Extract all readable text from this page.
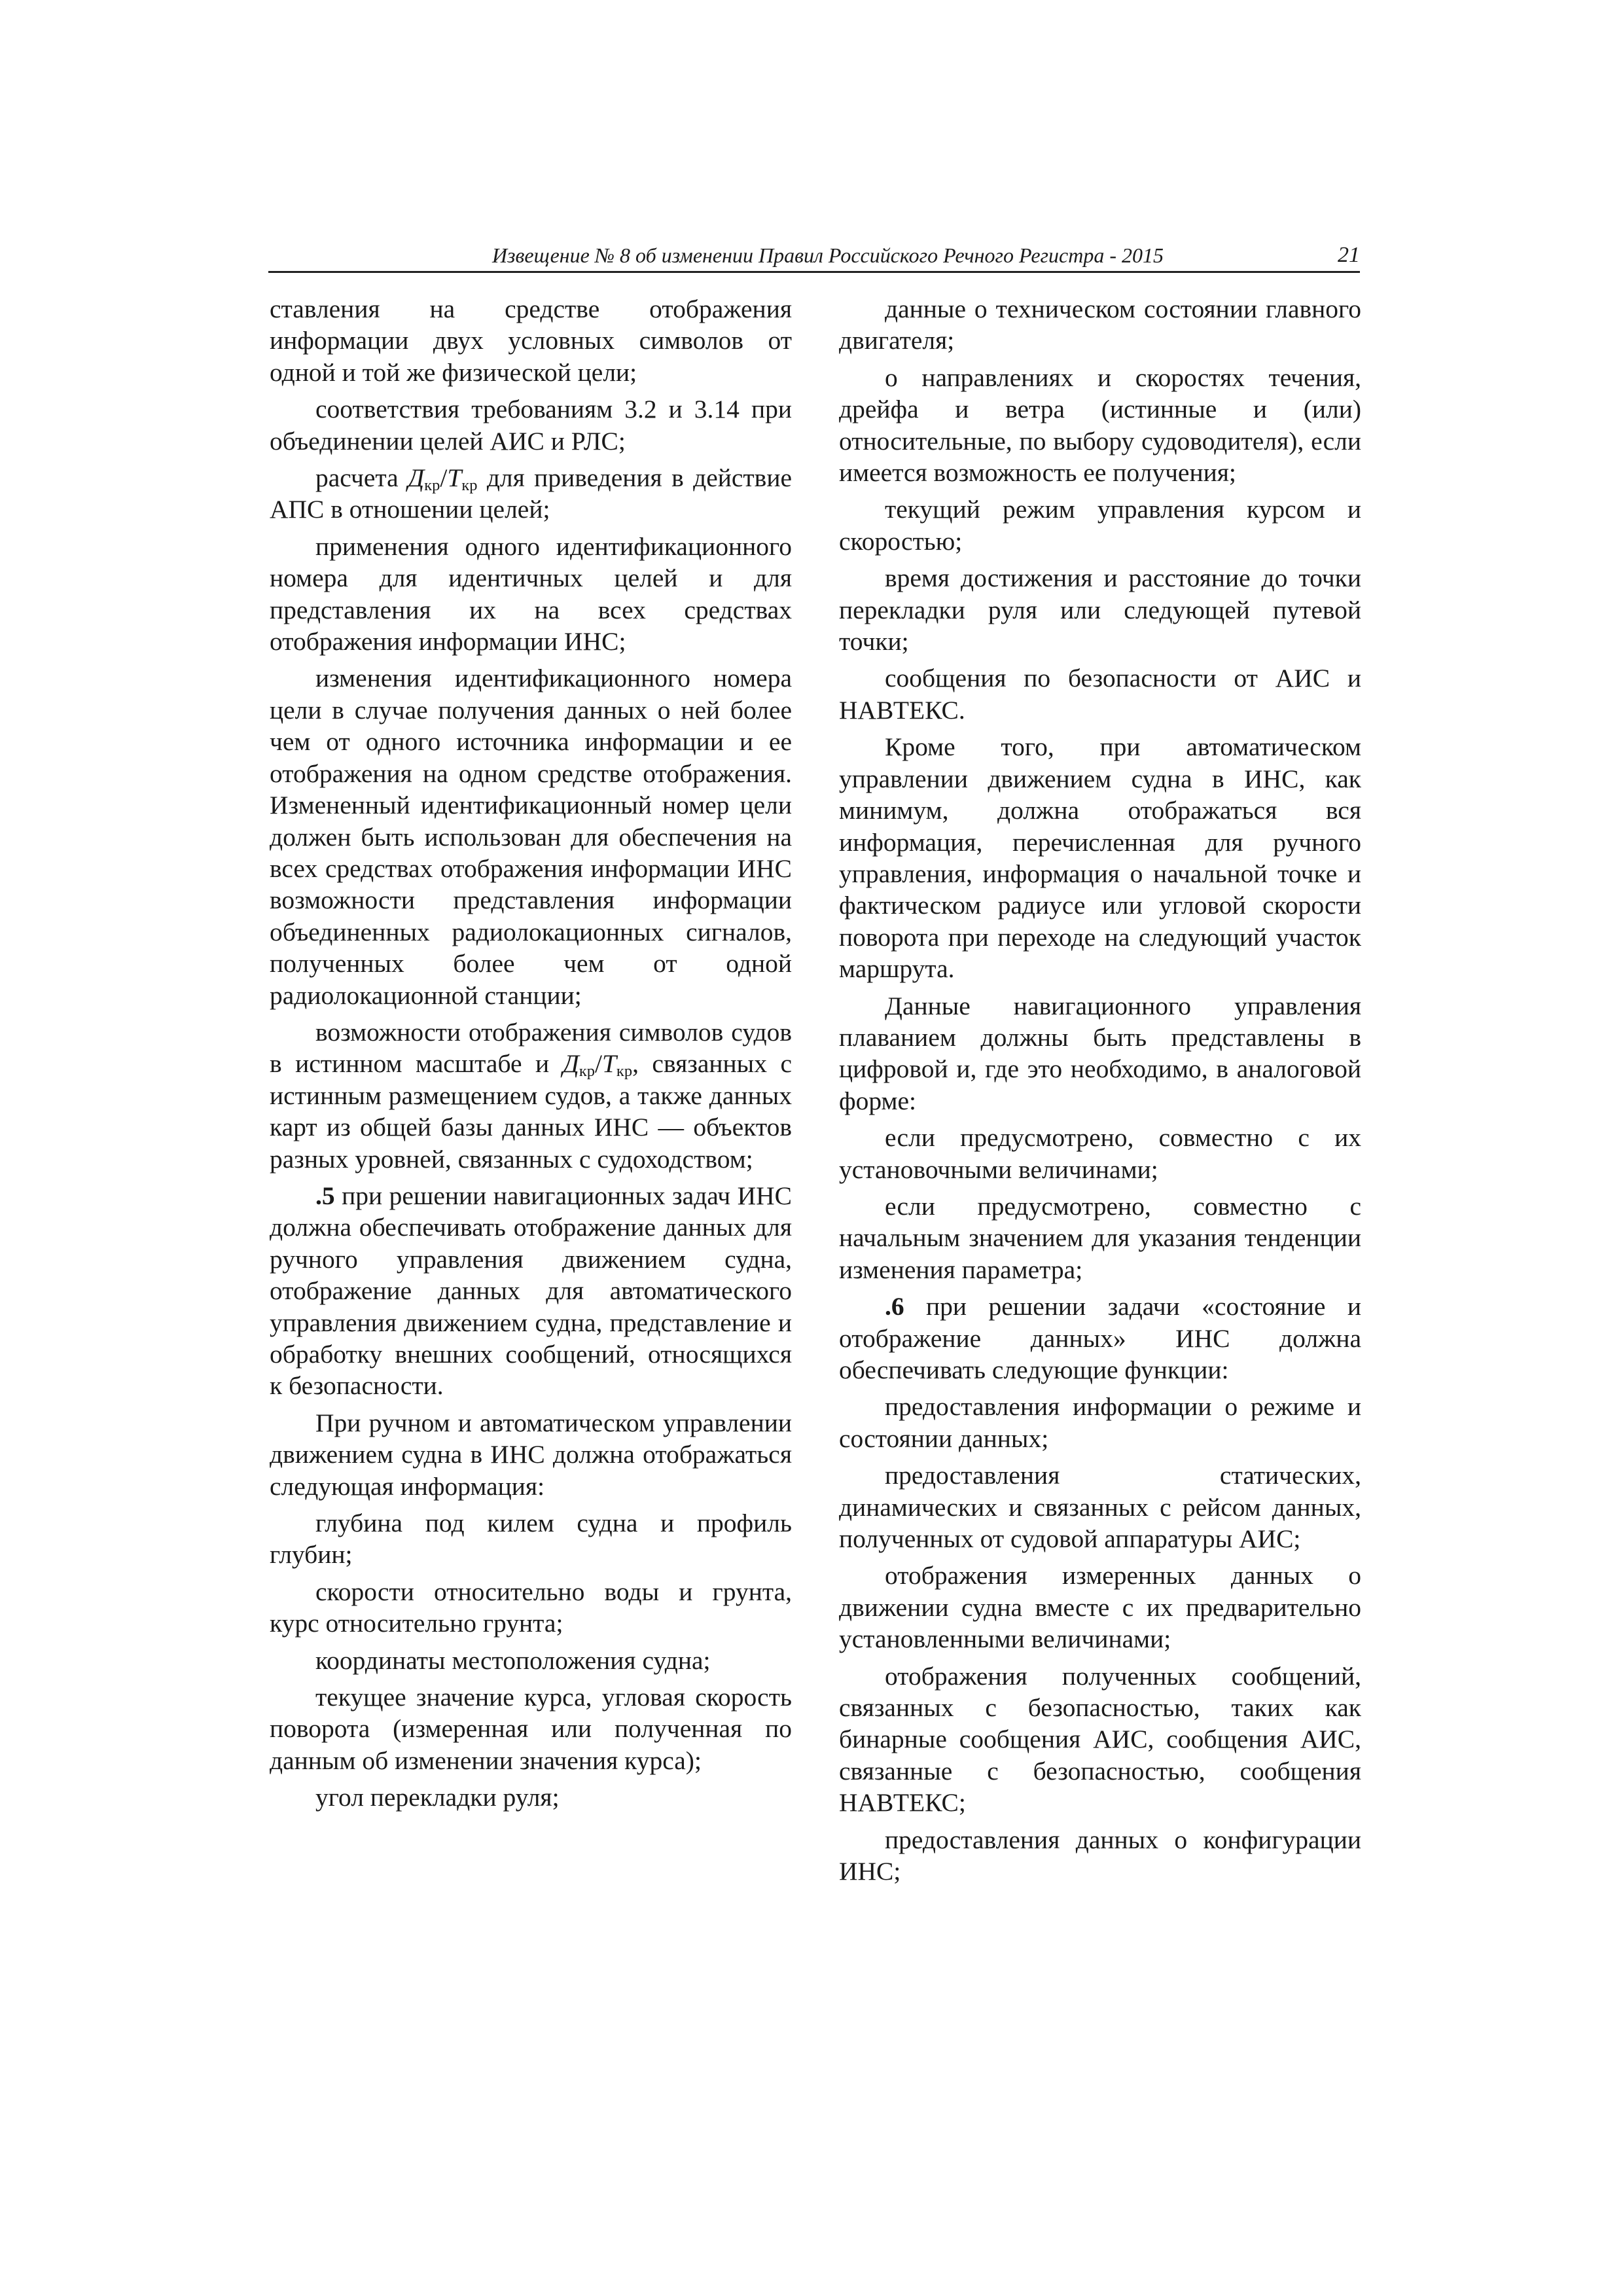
Извещение № 8 об изменении Правил Российского Речного Регистра - 2015	21

ставления на средстве отображения информации двух условных символов от одной и той же физической цели;

соответствия требованиям 3.2 и 3.14 при объединении целей АИС и РЛС;

расчета $Д_{кр}/Т_{кр}$ для приведения в действие АПС в отношении целей;

применения одного идентификационного номера для идентичных целей и для представления их на всех средствах отображения информации ИНС;

изменения идентификационного номера цели в случае получения данных о ней более чем от одного источника информации и ее отображения на одном средстве отображения. Измененный идентификационный номер цели должен быть использован для обеспечения на всех средствах отображения информации ИНС возможности представления информации объединенных радиолокационных сигналов, полученных более чем от одной радиолокационной станции;

возможности отображения символов судов в истинном масштабе и $Д_{кр}/Т_{кр}$, связанных с истинным размещением судов, а также данных карт из общей базы данных ИНС — объектов разных уровней, связанных с судоходством;

.5 при решении навигационных задач ИНС должна обеспечивать отображение данных для ручного управления движением судна, отображение данных для автоматического управления движением судна, представление и обработку внешних сообщений, относящихся к безопасности.

При ручном и автоматическом управлении движением судна в ИНС должна отображаться следующая информация:

глубина под килем судна и профиль глубин;

скорости относительно воды и грунта, курс относительно грунта;

координаты местоположения судна;

текущее значение курса, угловая скорость поворота (измеренная или полученная по данным об изменении значения курса);

угол перекладки руля;

данные о техническом состоянии главного двигателя;

о направлениях и скоростях течения, дрейфа и ветра (истинные и (или) относительные, по выбору судоводителя), если имеется возможность ее получения;

текущий режим управления курсом и скоростью;

время достижения и расстояние до точки перекладки руля или следующей путевой точки;

сообщения по безопасности от АИС и НАВТЕКС.

Кроме того, при автоматическом управлении движением судна в ИНС, как минимум, должна отображаться вся информация, перечисленная для ручного управления, информация о начальной точке и фактическом радиусе или угловой скорости поворота при переходе на следующий участок маршрута.

Данные навигационного управления плаванием должны быть представлены в цифровой и, где это необходимо, в аналоговой форме:

если предусмотрено, совместно с их установочными величинами;

если предусмотрено, совместно с начальным значением для указания тенденции изменения параметра;

.6 при решении задачи «состояние и отображение данных» ИНС должна обеспечивать следующие функции:

предоставления информации о режиме и состоянии данных;

предоставления статических, динамических и связанных с рейсом данных, полученных от судовой аппаратуры АИС;

отображения измеренных данных о движении судна вместе с их предварительно установленными величинами;

отображения полученных сообщений, связанных с безопасностью, таких как бинарные сообщения АИС, сообщения АИС, связанные с безопасностью, сообщения НАВТЕКС;

предоставления данных о конфигурации ИНС;
